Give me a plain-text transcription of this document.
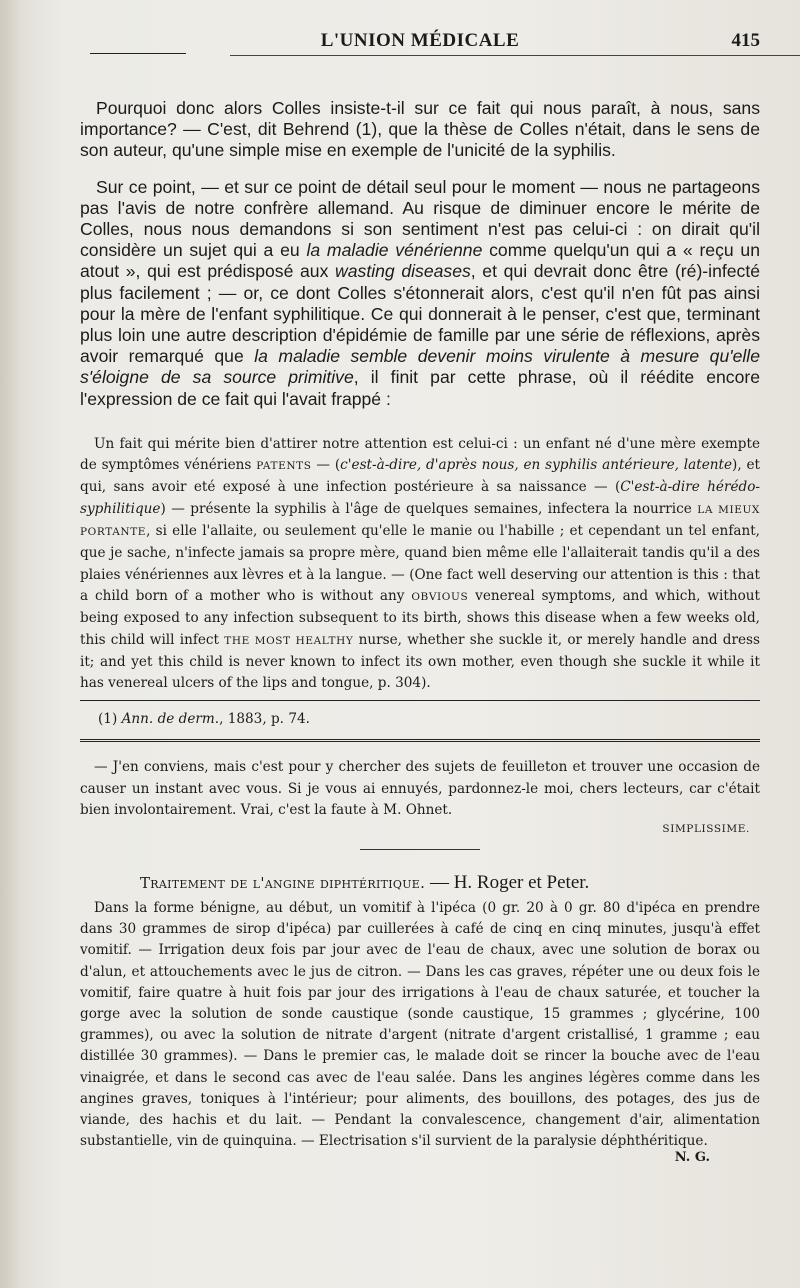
L'UNION MÉDICALE	415

Pourquoi donc alors Colles insiste-t-il sur ce fait qui nous paraît, à nous, sans importance? — C'est, dit Behrend (1), que la thèse de Colles n'était, dans le sens de son auteur, qu'une simple mise en exemple de l'unicité de la syphilis.

Sur ce point, — et sur ce point de détail seul pour le moment — nous ne partageons pas l'avis de notre confrère allemand. Au risque de diminuer encore le mérite de Colles, nous nous demandons si son sentiment n'est pas celui-ci : on dirait qu'il considère un sujet qui a eu la maladie vénérienne comme quelqu'un qui a « reçu un atout », qui est prédisposé aux wasting diseases, et qui devrait donc être (ré)-infecté plus facilement ; — or, ce dont Colles s'étonnerait alors, c'est qu'il n'en fût pas ainsi pour la mère de l'enfant syphilitique. Ce qui donnerait à le penser, c'est que, terminant plus loin une autre description d'épidémie de famille par une série de réflexions, après avoir remarqué que la maladie semble devenir moins virulente à mesure qu'elle s'éloigne de sa source primitive, il finit par cette phrase, où il réédite encore l'expression de ce fait qui l'avait frappé :

Un fait qui mérite bien d'attirer notre attention est celui-ci : un enfant né d'une mère exempte de symptômes vénériens PATENTS — (c'est-à-dire, d'après nous, en syphilis antérieure, latente), et qui, sans avoir eté exposé à une infection postérieure à sa naissance — (C'est-à-dire hérédo-syphilitique) — présente la syphilis à l'âge de quelques semaines, infectera la nourrice LA MIEUX PORTANTE, si elle l'allaite, ou seulement qu'elle le manie ou l'habille ; et cependant un tel enfant, que je sache, n'infecte jamais sa propre mère, quand bien même elle l'allaiterait tandis qu'il a des plaies vénériennes aux lèvres et à la langue. — (One fact well deserving our attention is this : that a child born of a mother who is without any OBVIOUS venereal symptoms, and which, without being exposed to any infection subsequent to its birth, shows this disease when a few weeks old, this child will infect THE MOST HEALTHY nurse, whether she suckle it, or merely handle and dress it; and yet this child is never known to infect its own mother, even though she suckle it while it has venereal ulcers of the lips and tongue, p. 304).

(1) Ann. de derm., 1883, p. 74.

— J'en conviens, mais c'est pour y chercher des sujets de feuilleton et trouver une occasion de causer un instant avec vous. Si je vous ai ennuyés, pardonnez-le moi, chers lecteurs, car c'était bien involontairement. Vrai, c'est la faute à M. Ohnet.

SIMPLISSIME.

Traitement de l'angine diphtéritique. — H. Roger et Peter.

Dans la forme bénigne, au début, un vomitif à l'ipéca (0 gr. 20 à 0 gr. 80 d'ipéca en prendre dans 30 grammes de sirop d'ipéca) par cuillerées à café de cinq en cinq minutes, jusqu'à effet vomitif. — Irrigation deux fois par jour avec de l'eau de chaux, avec une solution de borax ou d'alun, et attouchements avec le jus de citron. — Dans les cas graves, répéter une ou deux fois le vomitif, faire quatre à huit fois par jour des irrigations à l'eau de chaux saturée, et toucher la gorge avec la solution de sonde caustique (sonde caustique, 15 grammes ; glycérine, 100 grammes), ou avec la solution de nitrate d'argent (nitrate d'argent cristallisé, 1 gramme ; eau distillée 30 grammes). — Dans le premier cas, le malade doit se rincer la bouche avec de l'eau vinaigrée, et dans le second cas avec de l'eau salée. Dans les angines légères comme dans les angines graves, toniques à l'intérieur; pour aliments, des bouillons, des potages, des jus de viande, des hachis et du lait. — Pendant la convalescence, changement d'air, alimentation substantielle, vin de quinquina. — Electrisation s'il survient de la paralysie déphthéritique.

N. G.
